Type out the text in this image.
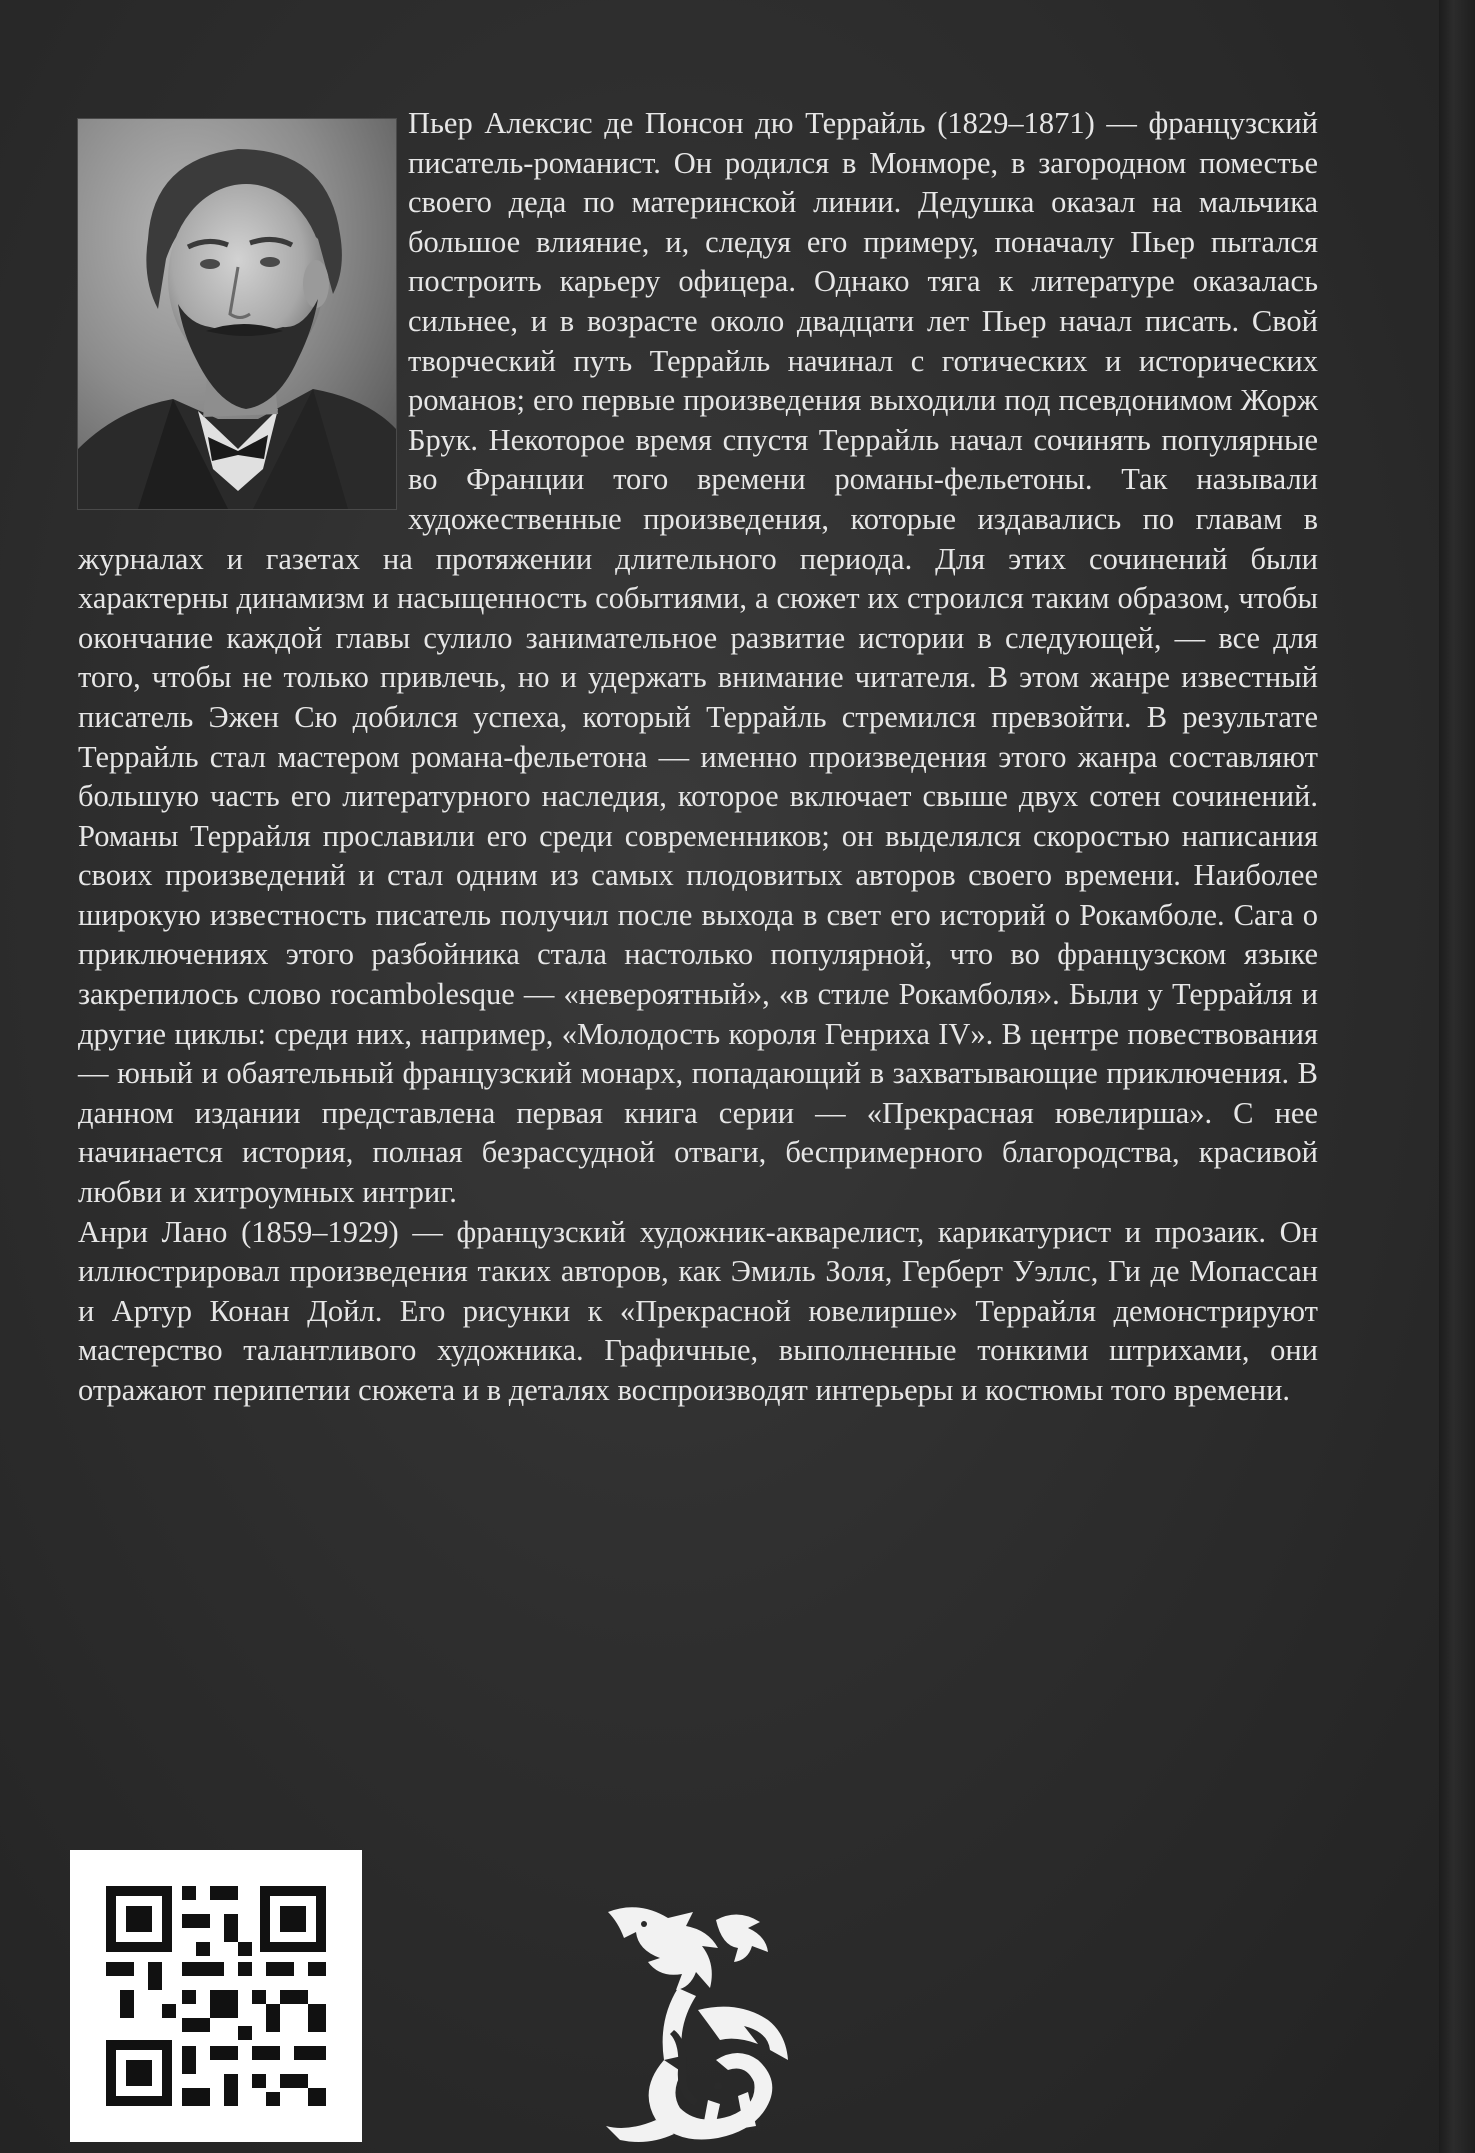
Пьер Алексис де Понсон дю Террайль (1829–1871) — французский писатель-романист. Он родился в Монморе, в загородном поместье своего деда по материнской линии. Дедушка оказал на мальчика большое влияние, и, следуя его примеру, поначалу Пьер пытался построить карьеру офицера. Однако тяга к литературе оказалась сильнее, и в возрасте около двадцати лет Пьер начал писать. Свой творческий путь Террайль начинал с готических и исторических романов; его первые произведения выходили под псевдонимом Жорж Брук. Некоторое время спустя Террайль начал сочинять популярные во Франции того времени романы-фельетоны. Так называли художественные произведения, которые издавались по главам в журналах и газетах на протяжении длительного периода. Для этих сочинений были характерны динамизм и насыщенность событиями, а сюжет их строился таким образом, чтобы окончание каждой главы сулило занимательное развитие истории в следующей, — все для того, чтобы не только привлечь, но и удержать внимание читателя. В этом жанре известный писатель Эжен Сю добился успеха, который Террайль стремился превзойти. В результате Террайль стал мастером романа-фельетона — именно произведения этого жанра составляют большую часть его литературного наследия, которое включает свыше двух сотен сочинений. Романы Террайля прославили его среди современников; он выделялся скоростью написания своих произведений и стал одним из самых плодовитых авторов своего времени. Наиболее широкую известность писатель получил после выхода в свет его историй о Рокамболе. Сага о приключениях этого разбойника стала настолько популярной, что во французском языке закрепилось слово rocambolesque — «невероятный», «в стиле Рокамболя». Были у Террайля и другие циклы: среди них, например, «Молодость короля Генриха IV». В центре повествования — юный и обаятельный французский монарх, попадающий в захватывающие приключения. В данном издании представлена первая книга серии — «Прекрасная ювелирша». С нее начинается история, полная безрассудной отваги, беспримерного благородства, красивой любви и хитроумных интриг.

Анри Лано (1859–1929) — французский художник-акварелист, карикатурист и прозаик. Он иллюстрировал произведения таких авторов, как Эмиль Золя, Герберт Уэллс, Ги де Мопассан и Артур Конан Дойл. Его рисунки к «Прекрасной ювелирше» Террайля демонстрируют мастерство талантливого художника. Графичные, выполненные тонкими штрихами, они отражают перипетии сюжета и в деталях воспроизводят интерьеры и костюмы того времени.
